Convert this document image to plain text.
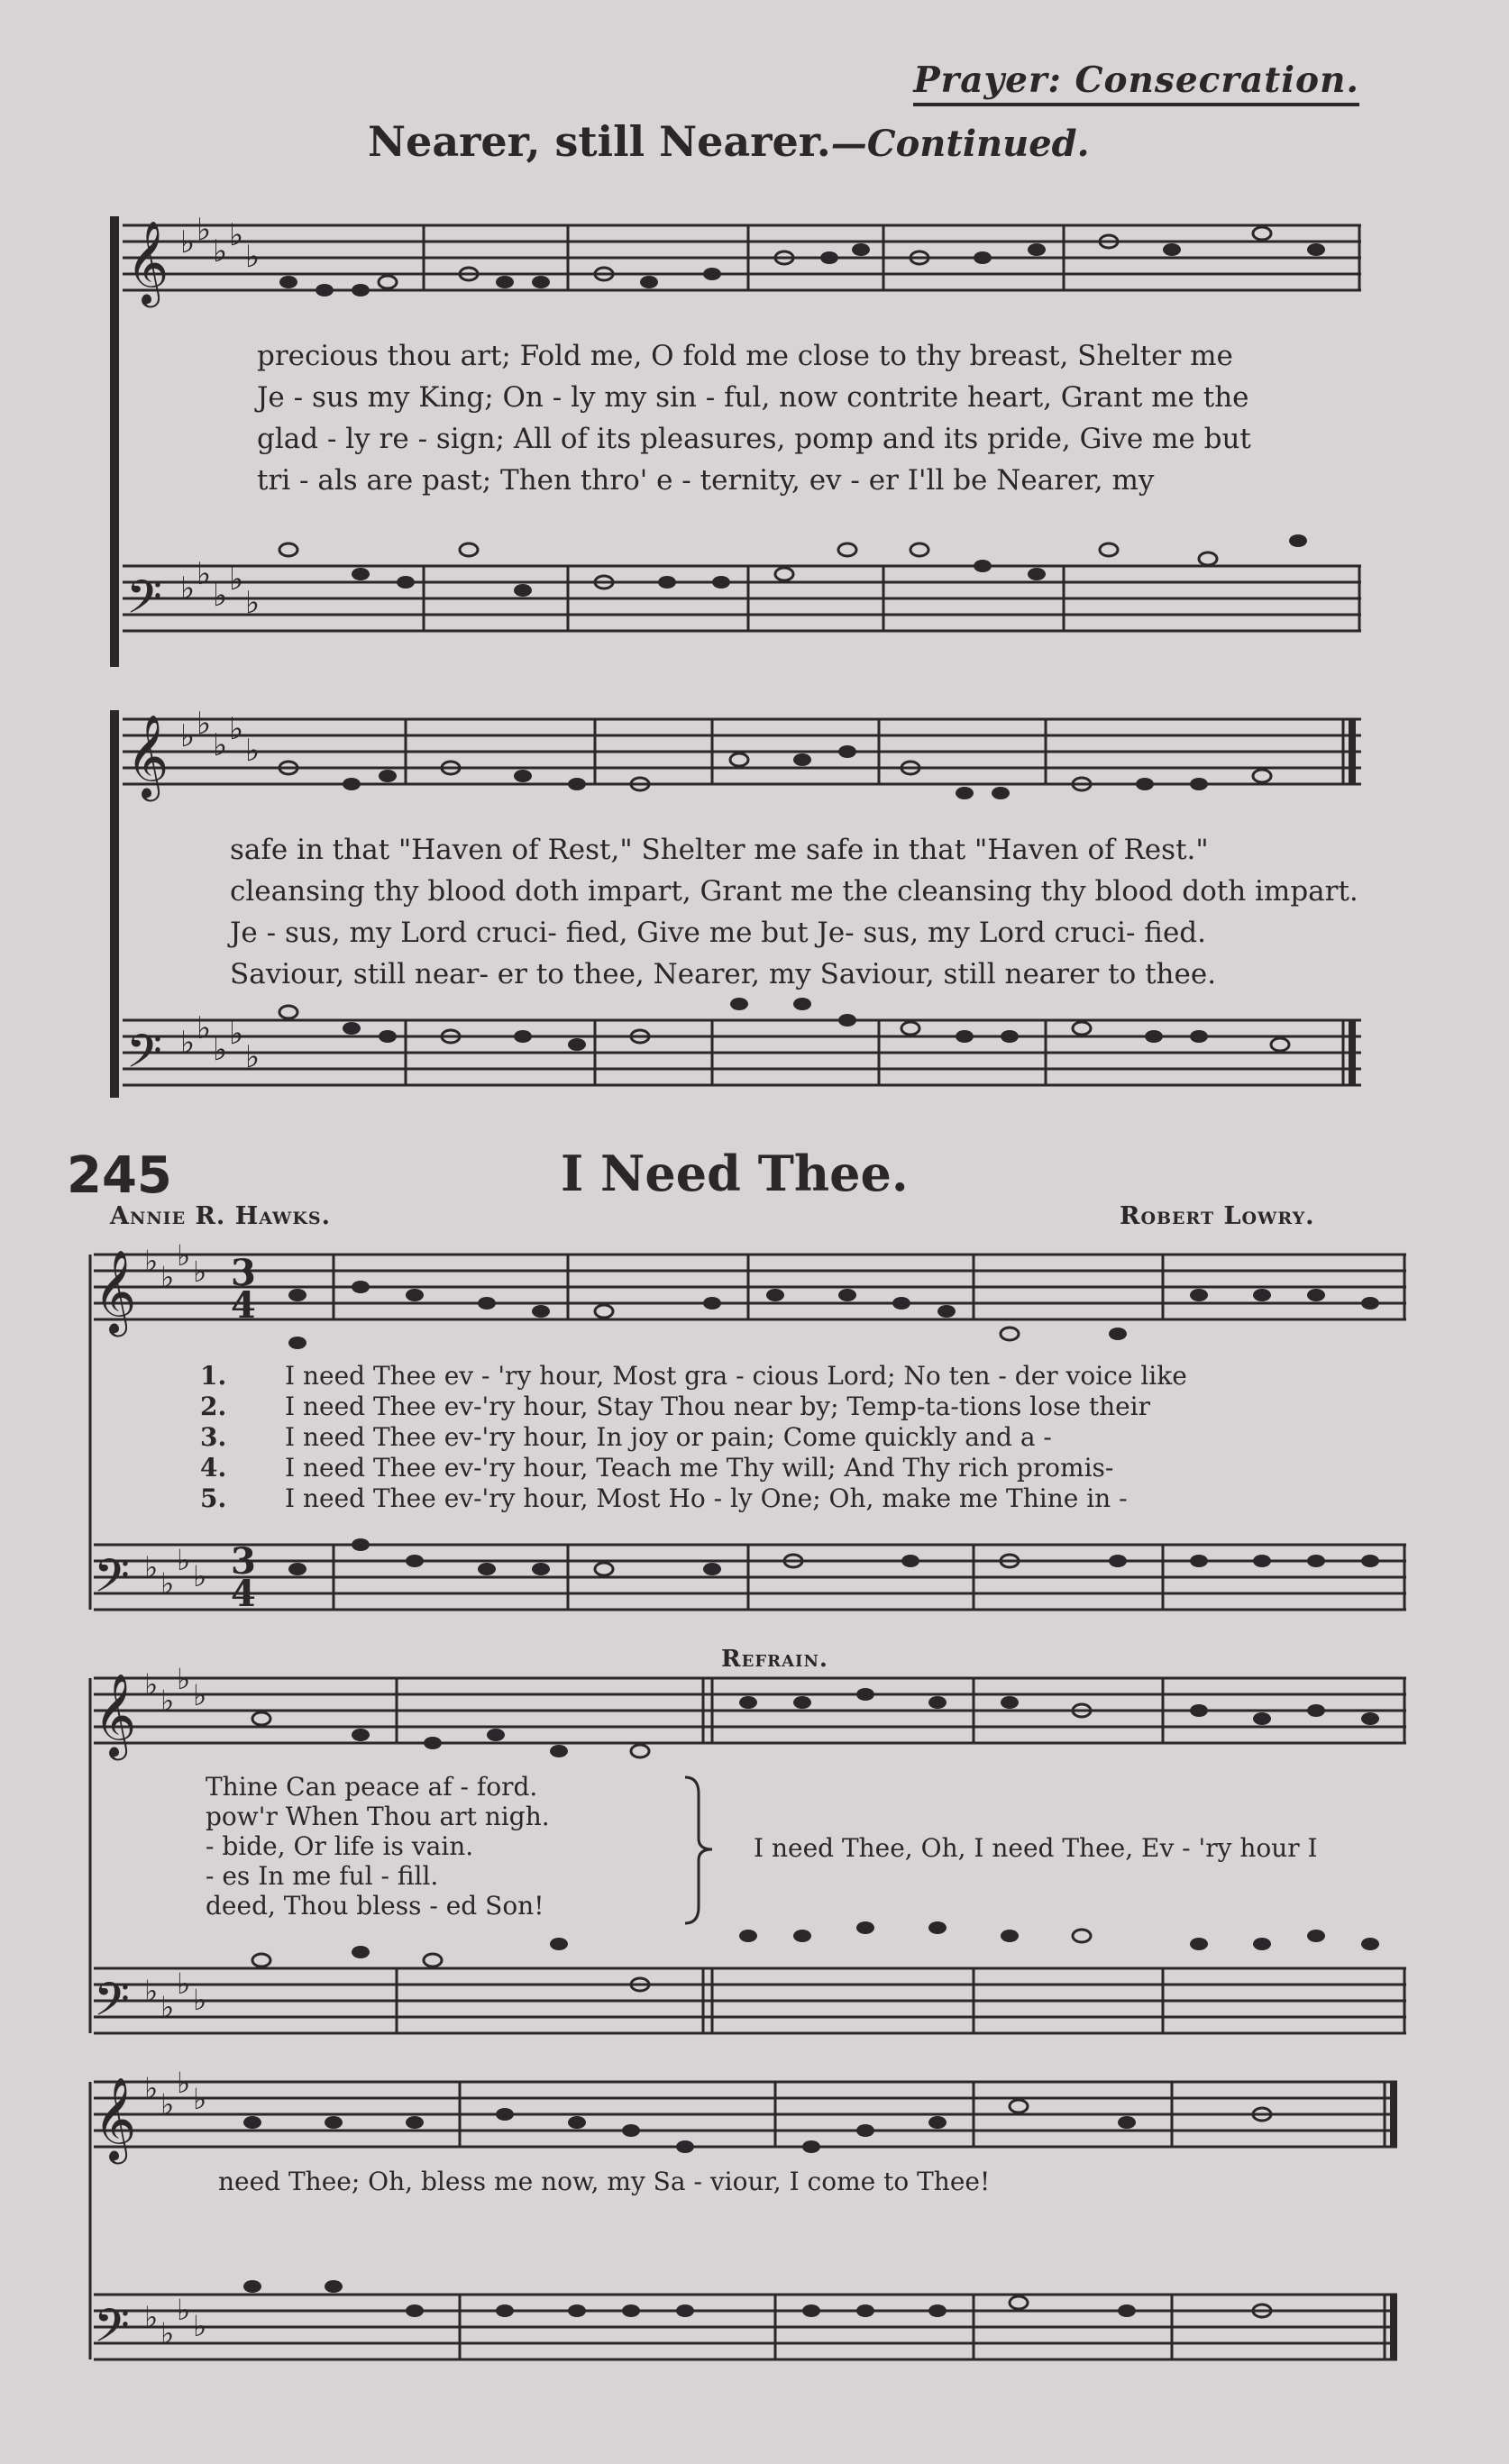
Prayer: Consecration.
Nearer, still Nearer.—Continued.
𝄞
𝄢
♭ ♭
♭ ♭
♭
♭ ♭
♭ ♭
♭
precious thou art; Fold me, O fold me close to thy breast, Shelter me
Je - sus my King; On - ly my sin - ful, now contrite heart, Grant me the
glad - ly re - sign; All of its pleasures, pomp and its pride, Give me but
tri - als are past; Then thro' e - ternity, ev - er I'll be Nearer, my
𝄞
𝄢
♭ ♭
♭ ♭
♭
♭ ♭
♭ ♭
♭
safe in that "Haven of Rest," Shelter me safe in that "Haven of Rest."
cleansing thy blood doth impart, Grant me the cleansing thy blood doth impart.
Je - sus, my Lord cruci- fied, Give me but Je- sus, my Lord cruci- fied.
Saviour, still near- er to thee, Nearer, my Saviour, still nearer to thee.
245	I Need Thee.
Annie R. Hawks.	Robert Lowry.
𝄞
𝄢
♭ ♭
♭ ♭
♭ ♭
♭ ♭
3
4
3
4
1.
2.
3.
4.
5.
I need Thee ev - 'ry hour, Most gra - cious Lord; No ten - der voice like
I need Thee ev-'ry hour, Stay Thou near by; Temp-ta-tions lose their
I need Thee ev-'ry hour, In joy or pain; Come quickly and a -
I need Thee ev-'ry hour, Teach me Thy will; And Thy rich promis-
I need Thee ev-'ry hour, Most Ho - ly One; Oh, make me Thine in -
Refrain.
𝄞
𝄢
♭ ♭
♭ ♭
♭ ♭
♭ ♭
Thine Can peace af - ford.
pow'r When Thou art nigh.
- bide, Or life is vain.
- es In me ful - fill.
deed, Thou bless - ed Son!
I need Thee, Oh, I need Thee, Ev - 'ry hour I
𝄞
𝄢
♭ ♭
♭ ♭
♭ ♭
♭ ♭
need Thee; Oh, bless me now, my Sa - viour, I come to Thee!
